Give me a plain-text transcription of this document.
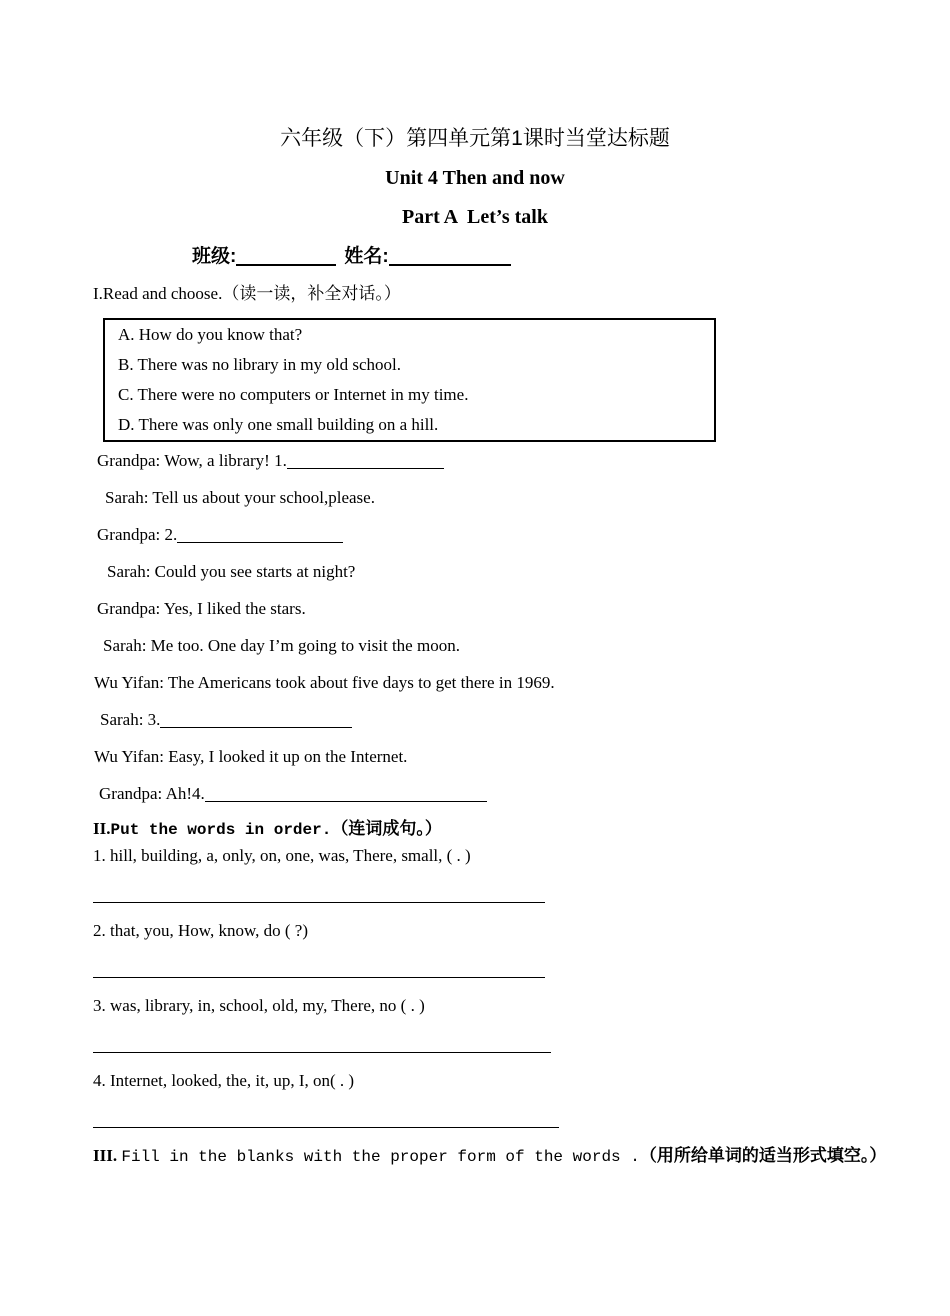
六年级（下）第四单元第1课时当堂达标题
Unit 4 Then and now
Part A  Let’s talk
班级:	姓名:
I.Read and choose.（读一读，补全对话。）
A. How do you know that?
B. There was no library in my old school.
C. There were no computers or Internet in my time.
D. There was only one small building on a hill.
Grandpa: Wow, a library! 1.
Sarah: Tell us about your school,please.
Grandpa: 2.
Sarah: Could you see starts at night?
Grandpa: Yes, I liked the stars.
Sarah: Me too. One day I’m going to visit the moon.
Wu Yifan: The Americans took about five days to get there in 1969.
Sarah: 3.
Wu Yifan: Easy, I looked it up on the Internet.
Grandpa: Ah!4.
II.Put the words in order.（连词成句。）
1. hill, building, a, only, on, one, was, There, small, ( . )
2. that, you, How, know, do ( ?)
3. was, library, in, school, old, my, There, no ( . )
4. Internet, looked, the, it, up, I, on( . )
III. Fill in the blanks with the proper form of the words .（用所给单词的适当形式填空。）
